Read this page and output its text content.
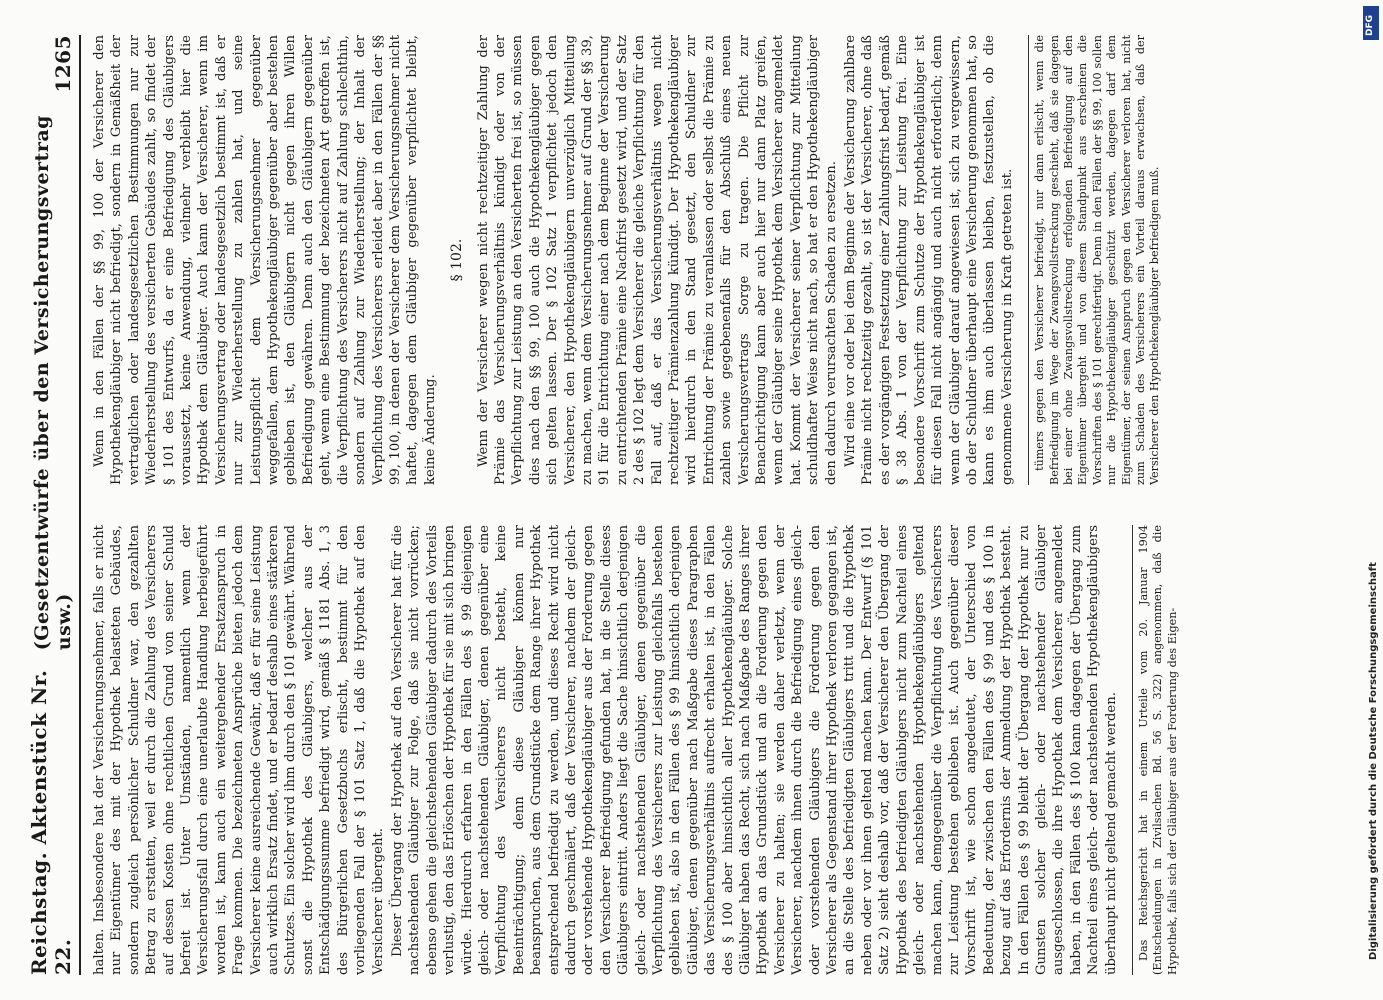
Reichstag. Aktenstück Nr. 22.
(Gesetzentwürfe über den Versicherungsvertrag usw.)
1265

halten. Insbesondere hat der Versicherungsnehmer, falls er nicht nur Eigentümer des mit der Hypothek belasteten Gebäudes, sondern zugleich persönlicher Schuldner war, den gezahlten Betrag zu erstatten, weil er durch die Zahlung des Versicherers auf dessen Kosten ohne rechtlichen Grund von seiner Schuld befreit ist. Unter Umständen, namentlich wenn der Versicherungsfall durch eine unerlaubte Handlung herbeigeführt worden ist, kann auch ein weitergehender Ersatzanspruch in Frage kommen. Die bezeichneten Ansprüche bieten jedoch dem Versicherer keine ausreichende Gewähr, daß er für seine Leistung auch wirklich Ersatz findet, und er bedarf deshalb eines stärkeren Schutzes. Ein solcher wird ihm durch den § 101 gewährt. Während sonst die Hypothek des Gläubigers, welcher aus der Entschädigungssumme befriedigt wird, gemäß § 1181 Abs. 1, 3 des Bürgerlichen Gesetzbuchs erlischt, bestimmt für den vorliegenden Fall der § 101 Satz 1, daß die Hypothek auf den Versicherer übergeht. Dieser Übergang der Hypothek auf den Versicherer hat für die nachstehenden Gläubiger zur Folge, daß sie nicht vorrücken; ebenso gehen die gleichstehenden Gläubiger dadurch des Vorteils verlustig, den das Erlöschen der Hypothek für sie mit sich bringen würde. Hierdurch erfahren in den Fällen des § 99 diejenigen gleich- oder nachstehenden Gläubiger, denen gegenüber eine Verpflichtung des Versicherers nicht besteht, keine Beeinträchtigung; denn diese Gläubiger können nur beanspruchen, aus dem Grundstücke dem Range ihrer Hypothek entsprechend befriedigt zu werden, und dieses Recht wird nicht dadurch geschmälert, daß der Versicherer, nachdem der gleich- oder vorstehende Hypothekengläubiger aus der Forderung gegen den Versicherer Befriedigung gefunden hat, in die Stelle dieses Gläubigers eintritt. Anders liegt die Sache hinsichtlich derjenigen gleich- oder nachstehenden Gläubiger, denen gegenüber die Verpflichtung des Versicherers zur Leistung gleichfalls bestehen geblieben ist, also in den Fällen des § 99 hinsichtlich derjenigen Gläubiger, denen gegenüber nach Maßgabe dieses Paragraphen das Versicherungsverhältnis aufrecht erhalten ist, in den Fällen des § 100 aber hinsichtlich aller Hypothekengläubiger. Solche Gläubiger haben das Recht, sich nach Maßgabe des Ranges ihrer Hypothek an das Grundstück und an die Forderung gegen den Versicherer zu halten; sie werden daher verletzt, wenn der Versicherer, nachdem ihnen durch die Befriedigung eines gleich- oder vorstehenden Gläubigers die Forderung gegen den Versicherer als Gegenstand ihrer Hypothek verloren gegangen ist, an die Stelle des befriedigten Gläubigers tritt und die Hypothek neben oder vor ihnen geltend machen kann. Der Entwurf (§ 101 Satz 2) sieht deshalb vor, daß der Versicherer den Übergang der Hypothek des befriedigten Gläubigers nicht zum Nachteil eines gleich- oder nachstehenden Hypothekengläubigers geltend machen kann, demgegenüber die Verpflichtung des Versicherers zur Leistung bestehen geblieben ist. Auch gegenüber dieser Vorschrift ist, wie schon angedeutet, der Unterschied von Bedeutung, der zwischen den Fällen des § 99 und des § 100 in bezug auf das Erfordernis der Anmeldung der Hypothek besteht. In den Fällen des § 99 bleibt der Übergang der Hypothek nur zu Gunsten solcher gleich- oder nachstehender Gläubiger ausgeschlossen, die ihre Hypothek dem Versicherer angemeldet haben, in den Fällen des § 100 kann dagegen der Übergang zum Nachteil eines gleich- oder nachstehenden Hypothekengläubigers überhaupt nicht geltend gemacht werden. Das Reichsgericht hat in einem Urteile vom 20. Januar 1904 (Entscheidungen in Zivilsachen Bd. 56 S. 322) angenommen, daß die Hypothek, falls sich der Gläubiger aus der Forderung des Eigen-

Wenn in den Fällen der §§ 99, 100 der Versicherer den Hypothekengläubiger nicht befriedigt, sondern in Gemäßheit der vertraglichen oder landesgesetzlichen Bestimmungen nur zur Wiederherstellung des versicherten Gebäudes zahlt, so findet der § 101 des Entwurfs, da er eine Befriedigung des Gläubigers voraussetzt, keine Anwendung, vielmehr verbleibt hier die Hypothek dem Gläubiger. Auch kann der Versicherer, wenn im Versicherungsvertrag oder landesgesetzlich bestimmt ist, daß er nur zur Wiederherstellung zu zahlen hat, und seine Leistungspflicht dem Versicherungsnehmer gegenüber weggefallen, dem Hypothekengläubiger gegenüber aber bestehen geblieben ist, den Gläubigern nicht gegen ihren Willen Befriedigung gewähren. Denn auch den Gläubigern gegenüber geht, wenn eine Bestimmung der bezeichneten Art getroffen ist, die Verpflichtung des Versicherers nicht auf Zahlung schlechthin, sondern auf Zahlung zur Wiederherstellung; der Inhalt der Verpflichtung des Versicherers erleidet aber in den Fällen der §§ 99, 100, in denen der Versicherer dem Versicherungsnehmer nicht haftet, dagegen dem Gläubiger gegenüber verpflichtet bleibt, keine Änderung.

§ 102. Wenn der Versicherer wegen nicht rechtzeitiger Zahlung der Prämie das Versicherungsverhältnis kündigt oder von der Verpflichtung zur Leistung an den Versicherten frei ist, so müssen dies nach den §§ 99, 100 auch die Hypothekengläubiger gegen sich gelten lassen. Der § 102 Satz 1 verpflichtet jedoch den Versicherer, den Hypothekengläubigern unverzüglich Mitteilung zu machen, wenn dem Versicherungsnehmer auf Grund der §§ 39, 91 für die Entrichtung einer nach dem Beginne der Versicherung zu entrichtenden Prämie eine Nachfrist gesetzt wird, und der Satz 2 des § 102 legt dem Versicherer die gleiche Verpflichtung für den Fall auf, daß er das Versicherungsverhältnis wegen nicht rechtzeitiger Prämienzahlung kündigt. Der Hypothekengläubiger wird hierdurch in den Stand gesetzt, den Schuldner zur Entrichtung der Prämie zu veranlassen oder selbst die Prämie zu zahlen sowie gegebenenfalls für den Abschluß eines neuen Versicherungsvertrags Sorge zu tragen. Die Pflicht zur Benachrichtigung kann aber auch hier nur dann Platz greifen, wenn der Gläubiger seine Hypothek dem Versicherer angemeldet hat. Kommt der Versicherer seiner Verpflichtung zur Mitteilung schuldhafter Weise nicht nach, so hat er den Hypothekengläubiger den dadurch verursachten Schaden zu ersetzen. Wird eine vor oder bei dem Beginne der Versicherung zahlbare Prämie nicht rechtzeitig gezahlt, so ist der Versicherer, ohne daß es der vorgängigen Festsetzung einer Zahlungsfrist bedarf, gemäß § 38 Abs. 1 von der Verpflichtung zur Leistung frei. Eine besondere Vorschrift zum Schutze der Hypothekengläubiger ist für diesen Fall nicht angängig und auch nicht erforderlich; denn wenn der Gläubiger darauf angewiesen ist, sich zu vergewissern, ob der Schuldner überhaupt eine Versicherung genommen hat, so kann es ihm auch überlassen bleiben, festzustellen, ob die genommene Versicherung in Kraft getreten ist. tümers gegen den Versicherer befriedigt, nur dann erlischt, wenn die Befriedigung im Wege der Zwangsvollstreckung geschieht, daß sie dagegen bei einer ohne Zwangsvollstreckung erfolgenden Befriedigung auf den Eigentümer übergeht und von diesem Standpunkt aus erscheinen die Vorschriften des § 101 gerechtfertigt. Denn in den Fällen der §§ 99, 100 sollen nur die Hypothekengläubiger geschützt werden, dagegen darf dem Eigentümer, der seinen Anspruch gegen den Versicherer verloren hat, nicht zum Schaden des Versicherers ein Vorteil daraus erwachsen, daß der Versicherer den Hypothekengläubiger befriedigen muß.

DFG
Digitalisierung gefördert durch die Deutsche Forschungsgemeinschaft
